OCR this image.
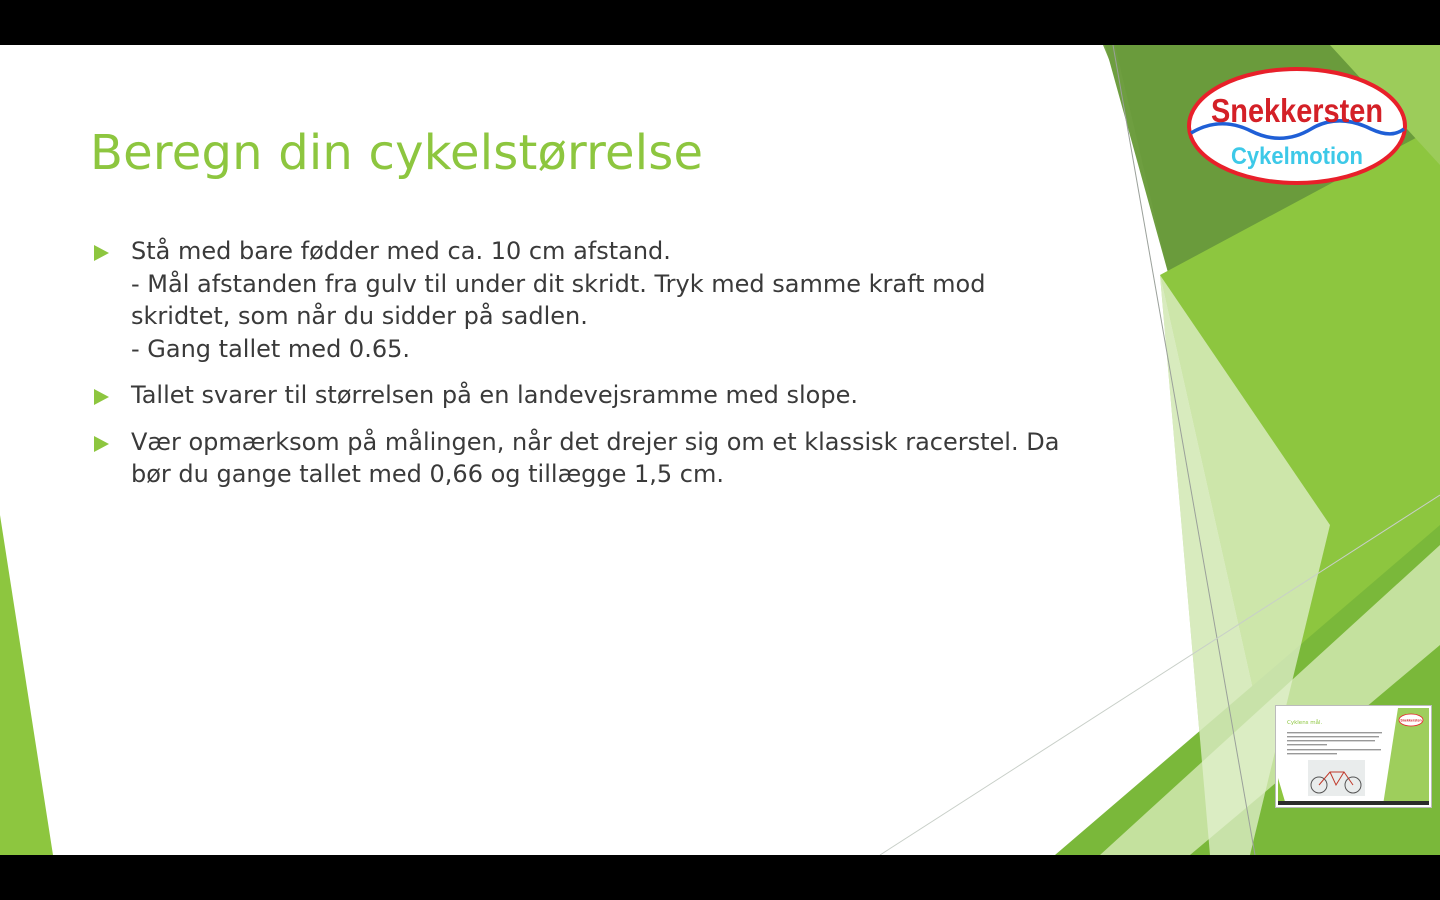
Beregn din cykelstørrelse
Stå med bare fødder med ca. 10 cm afstand.
- Mål afstanden fra gulv til under dit skridt. Tryk med samme kraft mod
skridtet, som når du sidder på sadlen.
- Gang tallet med 0.65.
Tallet svarer til størrelsen på en landevejsramme med slope.
Vær opmærksom på målingen, når det drejer sig om et klassisk racerstel. Da
bør du gange tallet med 0,66 og tillægge 1,5 cm.
Snekkersten
Cykelmotion
Cyklens mål.	Snekkersten
